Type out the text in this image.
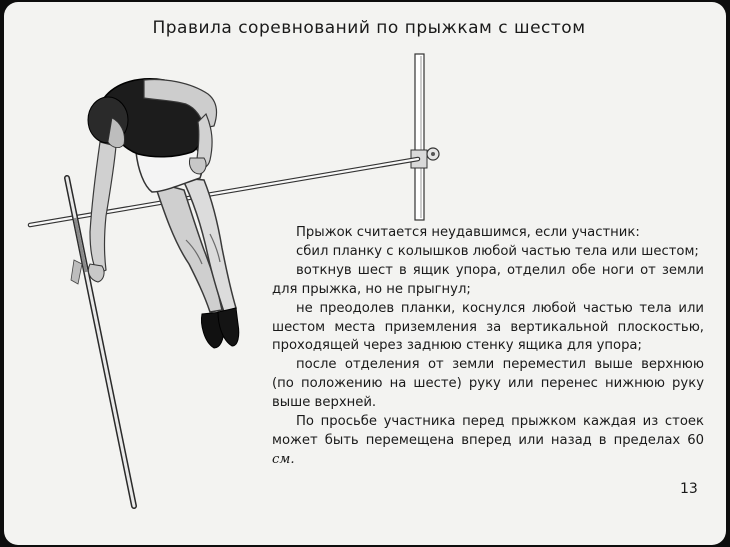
Правила соревнований по прыжкам с шестом

Прыжок считается неудавшимся, если участник:

сбил планку с колышков любой частью тела или шестом;

воткнув шест в ящик упора, отделил обе ноги от земли для прыжка, но не прыгнул;

не преодолев планки, коснулся любой частью тела или шестом места приземления за вертикальной плоскостью, проходящей через заднюю стенку ящика для упора;

после отделения от земли переместил выше верхнюю (по положению на шесте) руку или перенес нижнюю руку выше верхней.

По просьбе участника перед прыжком каждая из стоек может быть перемещена вперед или назад в пределах 60 см.

13
